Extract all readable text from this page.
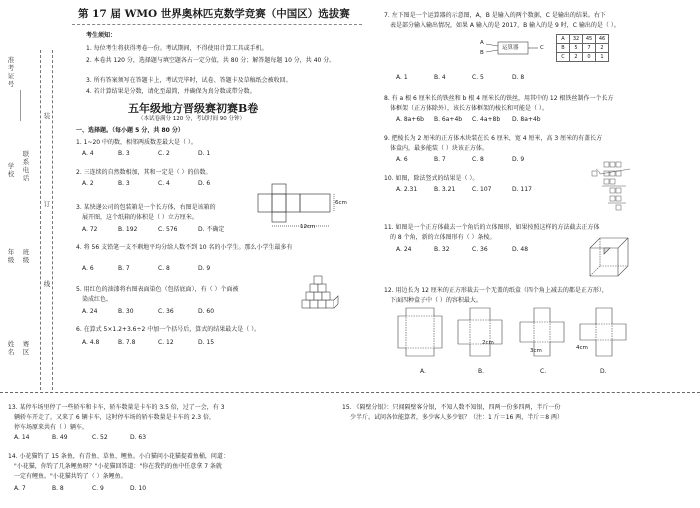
第 17 届 WMO 世界奥林匹克数学竞赛（中国区）选拔赛
考生须知：
1. 每位考生将获得考卷一份。考试期间，不得使用计算工具或手机。
2. 本卷共 120 分，选择题与填空题各占一定分值，共 80 分；解答题每题 10 分，共 40 分。
3. 所有答案须写在答题卡上，考试完毕时，试卷、答题卡及草稿纸会被收回。
4. 若计算结果是分数，请化至最简，并确保为真分数或带分数。
五年级地方晋级赛初赛B卷
（本试卷满分 120 分，考试时间 90 分钟）
一、选择题。（每小题 5 分，共 80 分）
准考证号
学校
联系电话
年级
班级
姓名
赛区
装
订
线
1. 1~20 中的数，相邻两质数差最大是（ ）。
A. 4	B. 3	C. 2	D. 1
2. 三连续的自然数相加，其和一定是（ ）的倍数。
A. 2	B. 3	C. 4	D. 6
3. 某快递公司的包装箱是一个长方体，右图是该箱的
展开图，这个纸箱的体积是（ ）立方厘米。
A. 72	B. 192	C. 576	D. 不确定
6cm
12cm
4. 将 56 支铅笔一支不剩地平均分给人数不到 10 名的小学生。那么小学生最多有
A. 6	B. 7	C. 8	D. 9
5. 用红色的油漆将右图表面染色（包括底面），有（ ）个面被
染成红色。
A. 24	B. 30	C. 36	D. 60
6. 在算式 5×1.2+3.6÷2 中加一个括号后，算式的结果最大是（ ）。
A. 4.8	B. 7.8	C. 12	D. 15
7. 左下图是一个运算器的示意图，A，B 是输入的两个数据，C 是输出的结果。右下
表是部分输入输出情况，如果 A 输入的是 2017，B 输入的是 9 时，C 输出的是（ ）。
运算器
A
B
C
A	32	45	46
B	5	7	2
C	2	0	1
A. 1	B. 4	C. 5	D. 8
8. 有 a 根 6 厘米长的铁丝和 b 根 4 厘米长的铁丝，用其中的 12 根铁丝制作一个长方
体框架（正方体除外），该长方体框架的棱长和可能是（ ）。
A. 8a+6b B. 6a+4b C. 4a+8b D. 8a+4b
9. 把棱长为 2 厘米的正方体木块装在长 6 厘米，宽 4 厘米，高 3 厘米的有盖长方
体盒内，最多能装（ ）块该正方体。
A. 6	B. 7	C. 8	D. 9
10. 如图，除法竖式的结果是（ ）。
A. 2.31	B. 3.21	C. 107	D. 117
11. 如图是一个正方体截去一个角后的立体图形，如果按照这样的方法截去正方体
的 8 个角，新的立体图形有（ ）条棱。
A. 24	B. 32	C. 36	D. 48
12. 用边长为 12 厘米的正方形裁去一个无盖的纸盒（四个角上减去的都是正方形），
下面四种盒子中（ ）的容积最大。
2cm
3cm	4cm
A.	B.	C.	D.
13. 某停车场里停了一些轿车和卡车，轿车数量是卡车的 3.5 倍，过了一会，有 3
辆轿车开走了，又来了 6 辆卡车，这时停车场的轿车数量是卡车的 2.3 倍，
停车场原来共有（ ）辆车。
A. 14	B. 49	C. 52	D. 63
14. 小花猫钓了 15 条鱼，有青鱼、草鱼、鲤鱼。小白猫问小花猫提着鱼桶，问道：
"小花猫，你钓了几条鲤鱼呀？"小花猫回答道："你在我钓的鱼中任意拿 7 条就
一定有鲤鱼。"小花猫共钓了（ ）条鲤鱼。
A. 7	B. 8	C. 9	D. 10
15. 《隔壁分银》：只闻隔壁客分银，不知人数不知银，四两一份多四两，半斤一份
少半斤。试问各位能算者，多少客人多少银？（注：1 斤＝16 两，半斤＝8 两）
